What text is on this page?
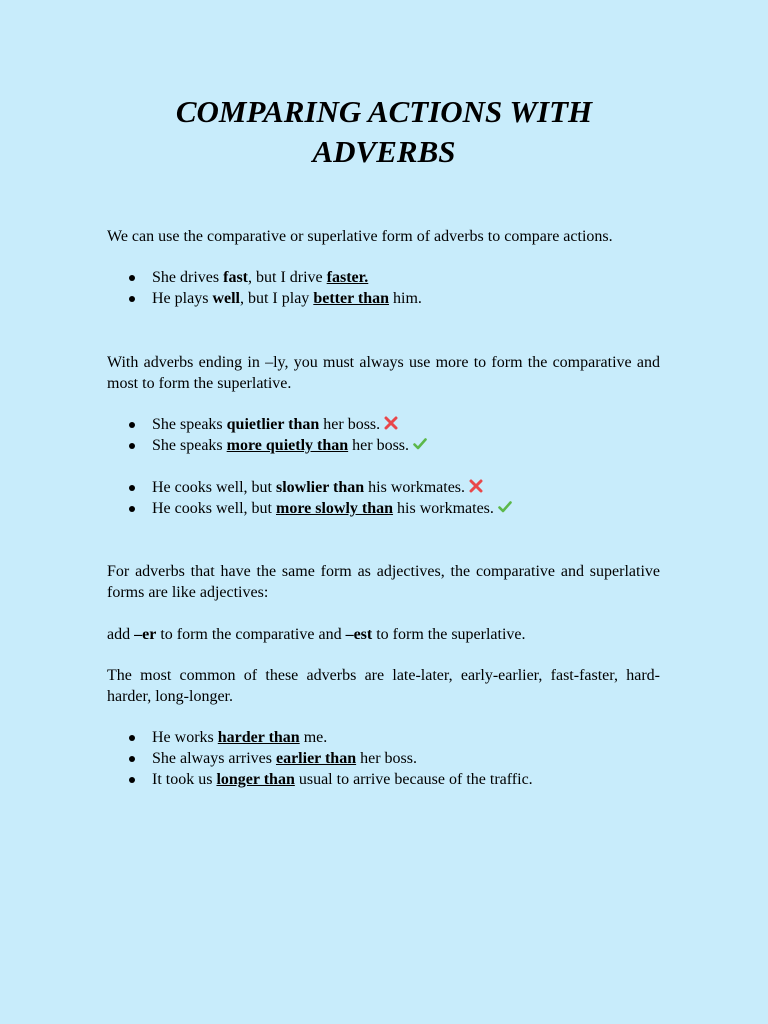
COMPARING ACTIONS WITH
ADVERBS

We can use the comparative or superlative form of adverbs to compare actions.

She drives fast, but I drive faster.
He plays well, but I play better than him.

With adverbs ending in –ly, you must always use more to form the comparative and most to form the superlative.

She speaks quietlier than her boss.
She speaks more quietly than her boss.
He cooks well, but slowlier than his workmates.
He cooks well, but more slowly than his workmates.

For adverbs that have the same form as adjectives, the comparative and superlative forms are like adjectives:

add –er to form the comparative and –est to form the superlative.

The most common of these adverbs are late-later, early-earlier, fast-faster, hard-harder, long-longer.

He works harder than me.
She always arrives earlier than her boss.
It took us longer than usual to arrive because of the traffic.
